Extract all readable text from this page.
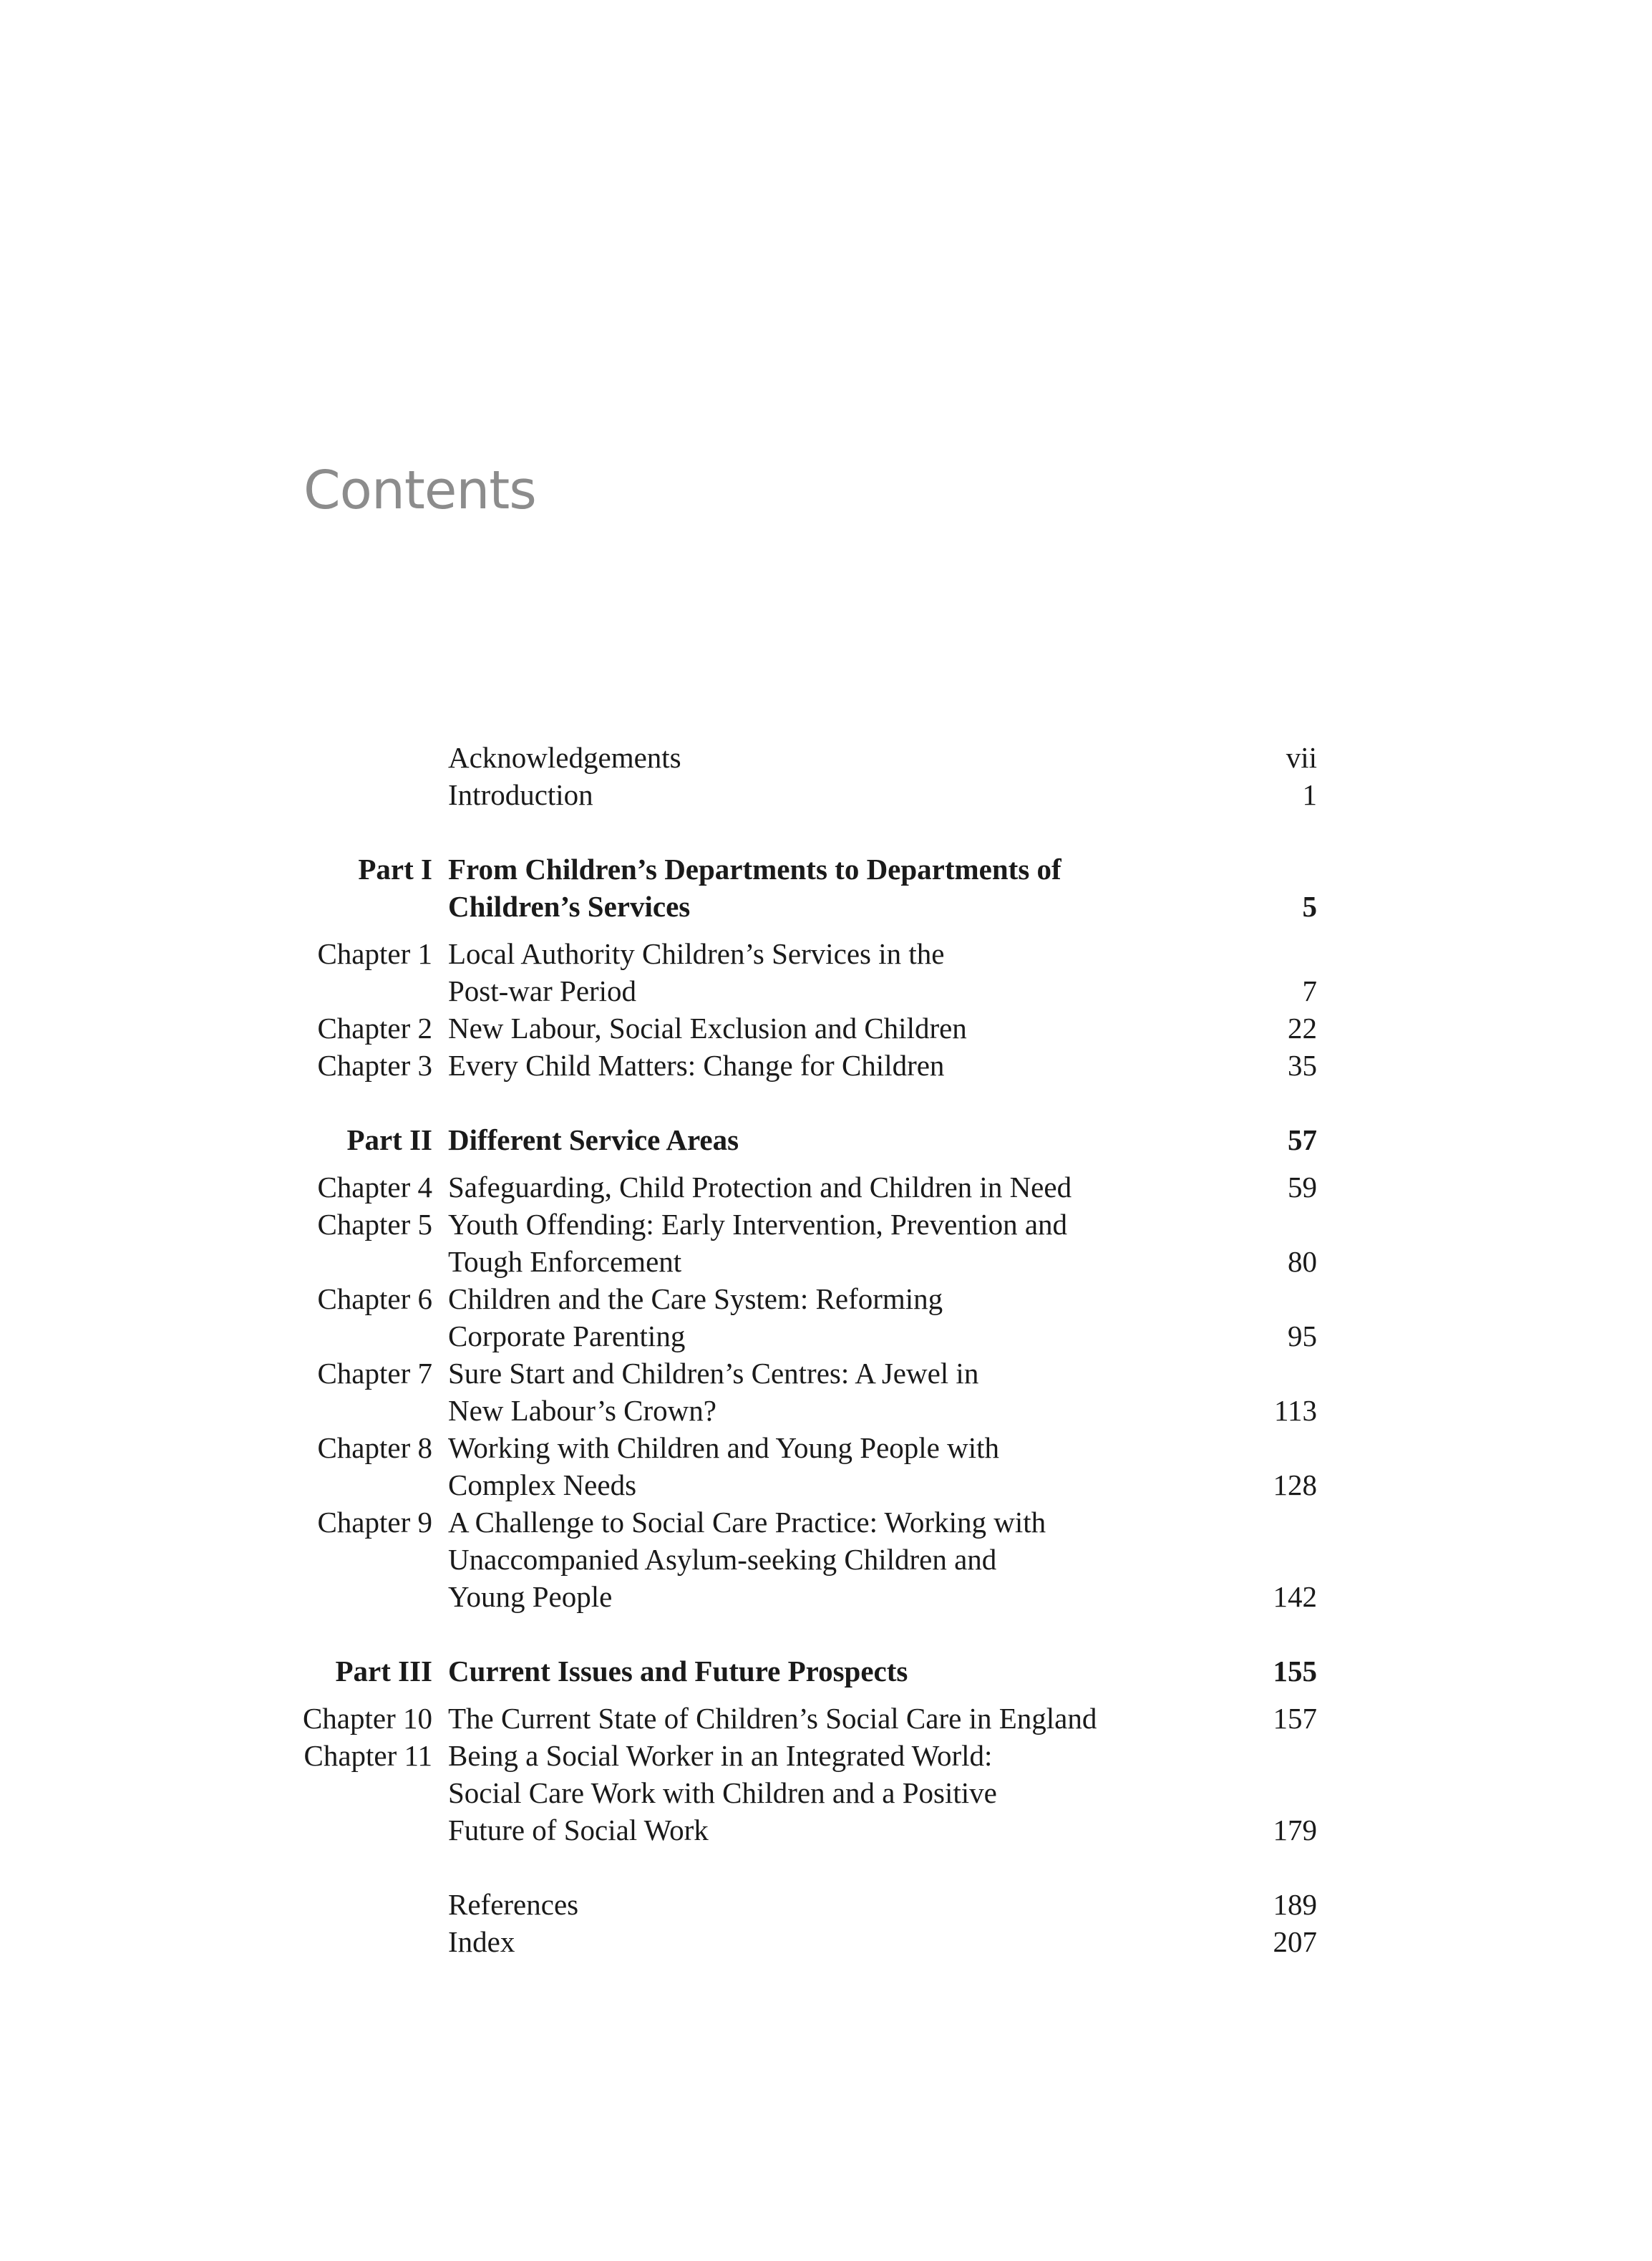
Contents
Acknowledgements	vii
Introduction	1
Part I From Children’s Departments to Departments of
Children’s Services	5
Chapter 1 Local Authority Children’s Services in the
Post-war Period	7
Chapter 2 New Labour, Social Exclusion and Children	22
Chapter 3 Every Child Matters: Change for Children	35
Part II Different Service Areas	57
Chapter 4 Safeguarding, Child Protection and Children in Need	59
Chapter 5 Youth Offending: Early Intervention, Prevention and
Tough Enforcement	80
Chapter 6 Children and the Care System: Reforming
Corporate Parenting	95
Chapter 7 Sure Start and Children’s Centres: A Jewel in
New Labour’s Crown?	113
Chapter 8 Working with Children and Young People with
Complex Needs	128
Chapter 9 A Challenge to Social Care Practice: Working with
Unaccompanied Asylum-seeking Children and
Young People	142
Part III Current Issues and Future Prospects	155
Chapter 10 The Current State of Children’s Social Care in England	157
Chapter 11 Being a Social Worker in an Integrated World:
Social Care Work with Children and a Positive
Future of Social Work	179
References	189
Index	207
